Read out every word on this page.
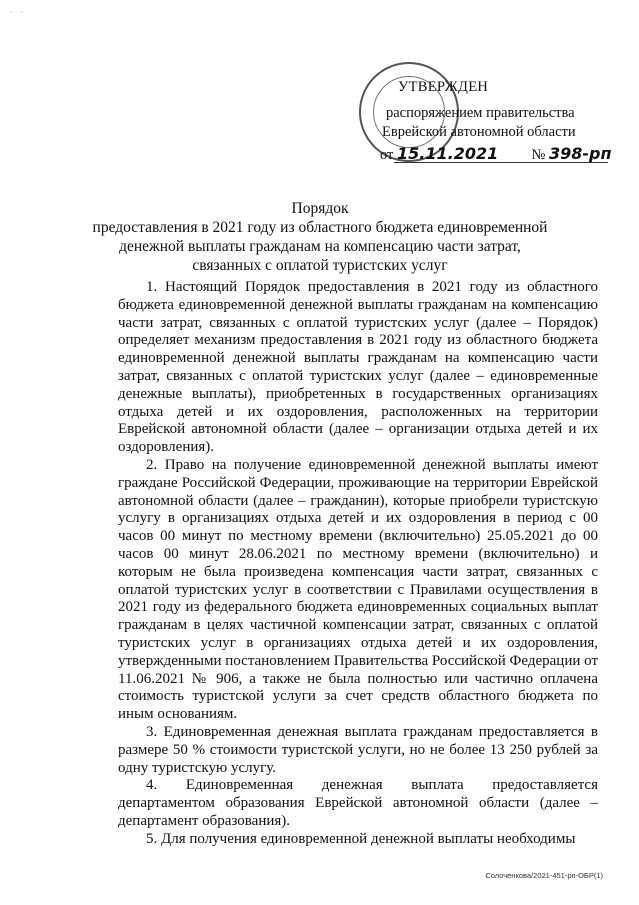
· ·
УТВЕРЖДЕН
распоряжением правительства
Еврейской автономной области
от 15.11.2021 № 398-рп
Порядок
предоставления в 2021 году из областного бюджета единовременной
денежной выплаты гражданам на компенсацию части затрат,
связанных с оплатой туристских услуг

1. Настоящий Порядок предоставления в 2021 году из областного бюджета единовременной денежной выплаты гражданам на компенсацию части затрат, связанных с оплатой туристских услуг (далее – Порядок) определяет механизм предоставления в 2021 году из областного бюджета единовременной денежной выплаты гражданам на компенсацию части затрат, связанных с оплатой туристских услуг (далее – единовременные денежные выплаты), приобретенных в государственных организациях отдыха детей и их оздоровления, расположенных на территории Еврейской автономной области (далее – организации отдыха детей и их оздоровления).

2. Право на получение единовременной денежной выплаты имеют граждане Российской Федерации, проживающие на территории Еврейской автономной области (далее – гражданин), которые приобрели туристскую услугу в организациях отдыха детей и их оздоровления в период с 00 часов 00 минут по местному времени (включительно) 25.05.2021 до 00 часов 00 минут 28.06.2021 по местному времени (включительно) и которым не была произведена компенсация части затрат, связанных с оплатой туристских услуг в соответствии с Правилами осуществления в 2021 году из федерального бюджета единовременных социальных выплат гражданам в целях частичной компенсации затрат, связанных с оплатой туристских услуг в организациях отдыха детей и их оздоровления, утвержденными постановлением Правительства Российской Федерации от 11.06.2021 № 906, а также не была полностью или частично оплачена стоимость туристской услуги за счет средств областного бюджета по иным основаниям.

3. Единовременная денежная выплата гражданам предоставляется в размере 50 % стоимости туристской услуги, но не более 13 250 рублей за одну туристскую услугу.

4. Единовременная денежная выплата предоставляется департаментом образования Еврейской автономной области (далее – департамент образования).

5. Для получения единовременной денежной выплаты необходимы

Солоченкова/2021-451-рп-ОБР(1)
